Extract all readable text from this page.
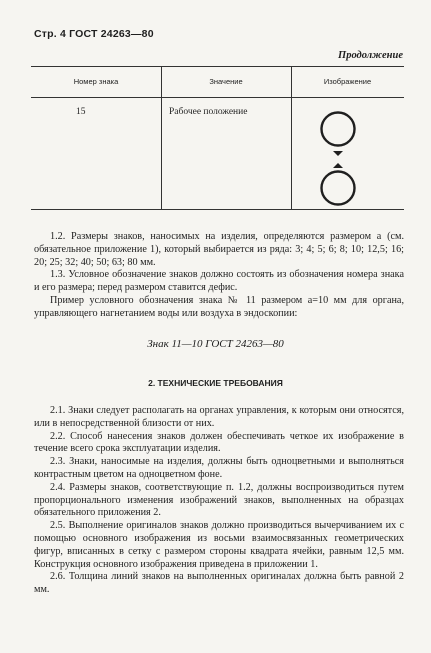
Стр. 4 ГОСТ 24263—80
Продолжение
Номер знака	Значение	Изображение
15	Рабочее положение

1.2. Размеры знаков, наносимых на изделия, определяются размером a (см. обязательное приложение 1), который выбирается из ряда: 3; 4; 5; 6; 8; 10; 12,5; 16; 20; 25; 32; 40; 50; 63; 80 мм.

1.3. Условное обозначение знаков должно состоять из обозначения номера знака и его размера; перед размером ставится дефис.

Пример условного обозначения знака № 11 размером a=10 мм для органа, управляющего нагнетанием воды или воздуха в эндоскопии:

Знак 11—10 ГОСТ 24263—80
2. ТЕХНИЧЕСКИЕ ТРЕБОВАНИЯ

2.1. Знаки следует располагать на органах управления, к которым они относятся, или в непосредственной близости от них.

2.2. Способ нанесения знаков должен обеспечивать четкое их изображение в течение всего срока эксплуатации изделия.

2.3. Знаки, наносимые на изделия, должны быть одноцветными и выполняться контрастным цветом на одноцветном фоне.

2.4. Размеры знаков, соответствующие п. 1.2, должны воспроизводиться путем пропорционального изменения изображений знаков, выполненных на образцах обязательного приложения 2.

2.5. Выполнение оригиналов знаков должно производиться вычерчиванием их с помощью основного изображения из восьми взаимосвязанных геометрических фигур, вписанных в сетку с размером стороны квадрата ячейки, равным 12,5 мм. Конструкция основного изображения приведена в приложении 1.

2.6. Толщина линий знаков на выполненных оригиналах должна быть равной 2 мм.
